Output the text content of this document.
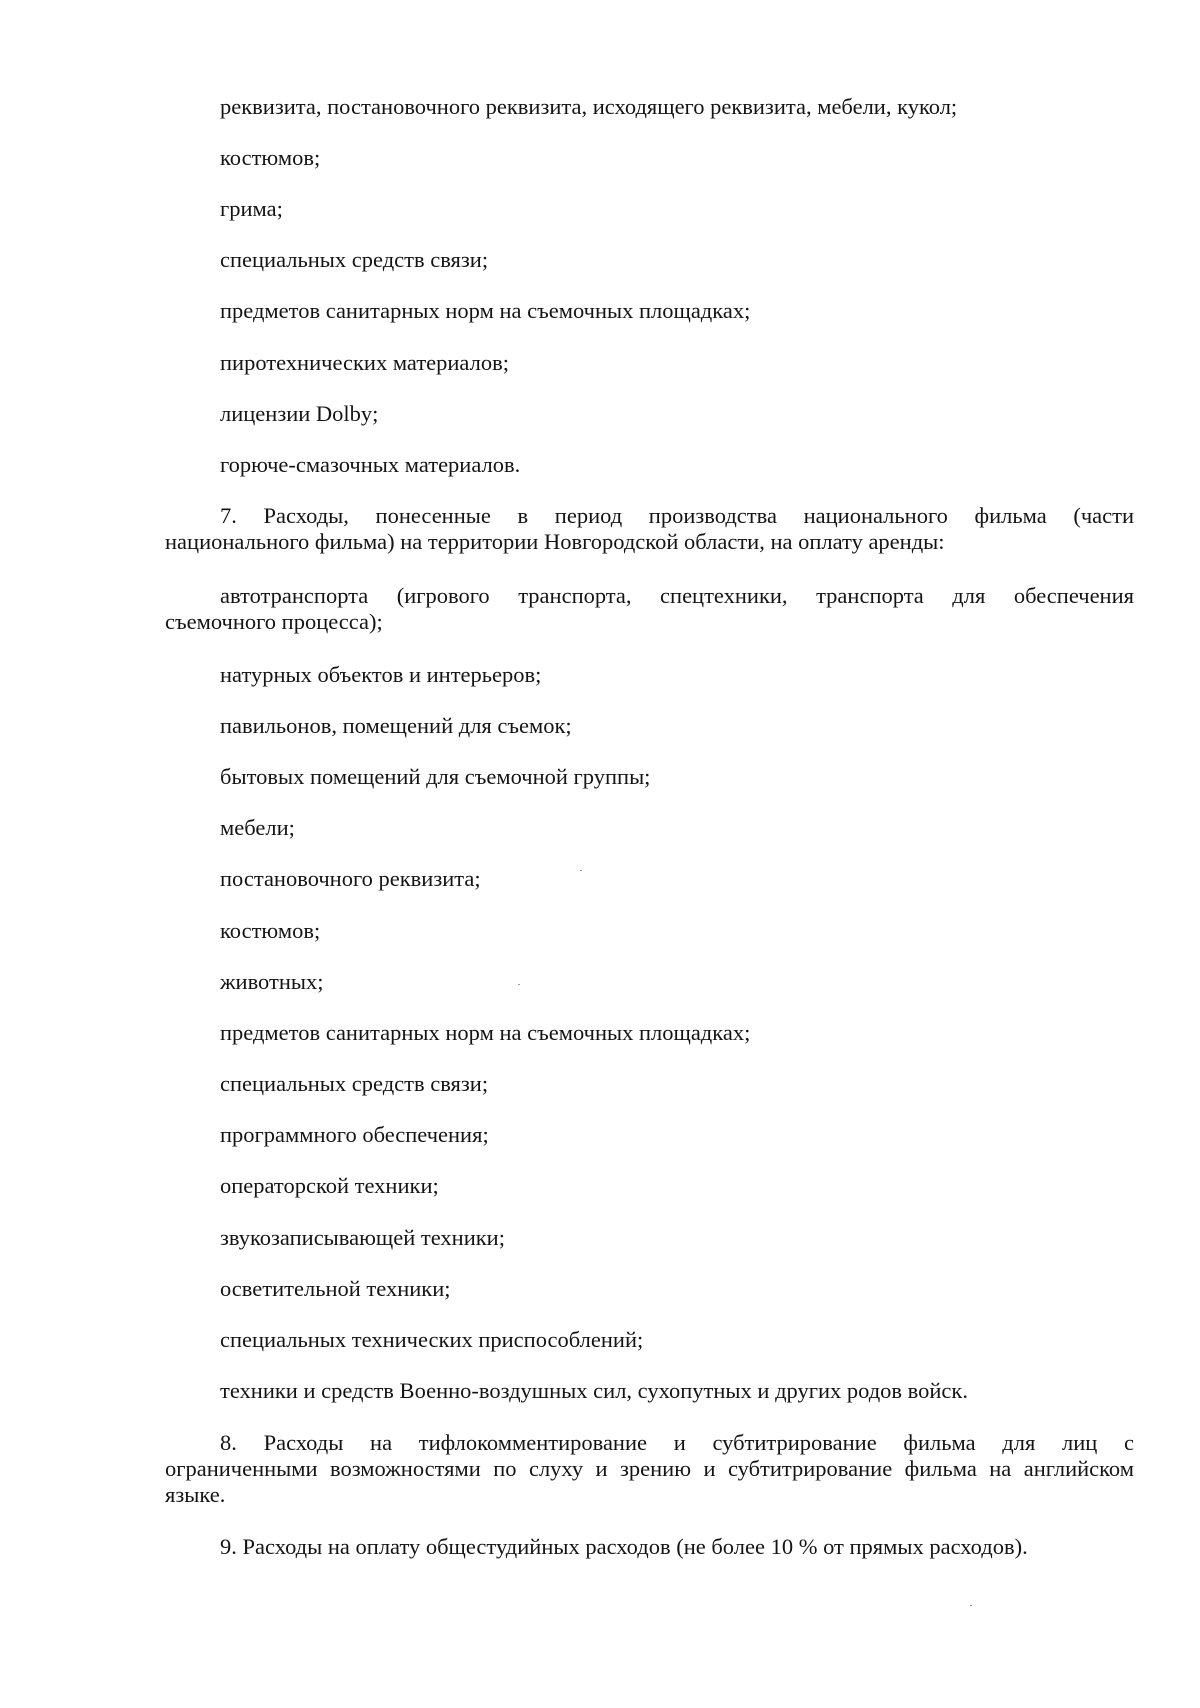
реквизита, постановочного реквизита, исходящего реквизита, мебели, кукол;

костюмов;

грима;

специальных средств связи;

предметов санитарных норм на съемочных площадках;

пиротехнических материалов;

лицензии Dolby;

горюче-смазочных материалов.

7. Расходы, понесенные в период производства национального фильма (части
национального фильма) на территории Новгородской области, на оплату аренды:
автотранспорта (игрового транспорта, спецтехники, транспорта для обеспечения
съемочного процесса);

натурных объектов и интерьеров;

павильонов, помещений для съемок;

бытовых помещений для съемочной группы;

мебели;

постановочного реквизита;

костюмов;

животных;

предметов санитарных норм на съемочных площадках;

специальных средств связи;

программного обеспечения;

операторской техники;

звукозаписывающей техники;

осветительной техники;

специальных технических приспособлений;

техники и средств Военно-воздушных сил, сухопутных и других родов войск.

8. Расходы на тифлокомментирование и субтитрирование фильма для лиц с
ограниченными возможностями по слуху и зрению и субтитрирование фильма на английском
языке.

9. Расходы на оплату общестудийных расходов (не более 10 % от прямых расходов).
